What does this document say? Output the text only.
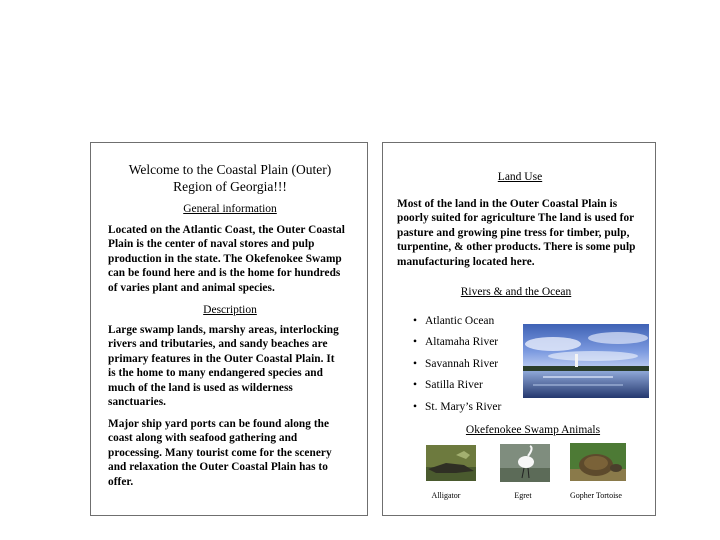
Welcome to the Coastal Plain (Outer)
Region of Georgia!!!
General information
Located on the Atlantic Coast, the Outer Coastal Plain is the center of naval stores and pulp production in the state. The Okefenokee Swamp can be found here and is the home for hundreds of varies plant and animal species.
Description
Large swamp lands, marshy areas, interlocking rivers and tributaries, and sandy beaches are primary features in the Outer Coastal Plain. It is the home to many endangered species and much of the land is used as wilderness sanctuaries.
Major ship yard ports can be found along the coast along with seafood gathering and processing. Many tourist come for the scenery and relaxation the Outer Coastal Plain has to offer.
Land Use
Most of the land in the Outer Coastal Plain is poorly suited for agriculture The land is used for pasture and growing pine tress for timber, pulp, turpentine, & other products. There is some pulp manufacturing located here.
Rivers & and the Ocean
• Atlantic Ocean
• Altamaha River
• Savannah River
• Satilla River
• St. Mary’s River
Okefenokee Swamp Animals
Alligator	Egret	Gopher Tortoise
